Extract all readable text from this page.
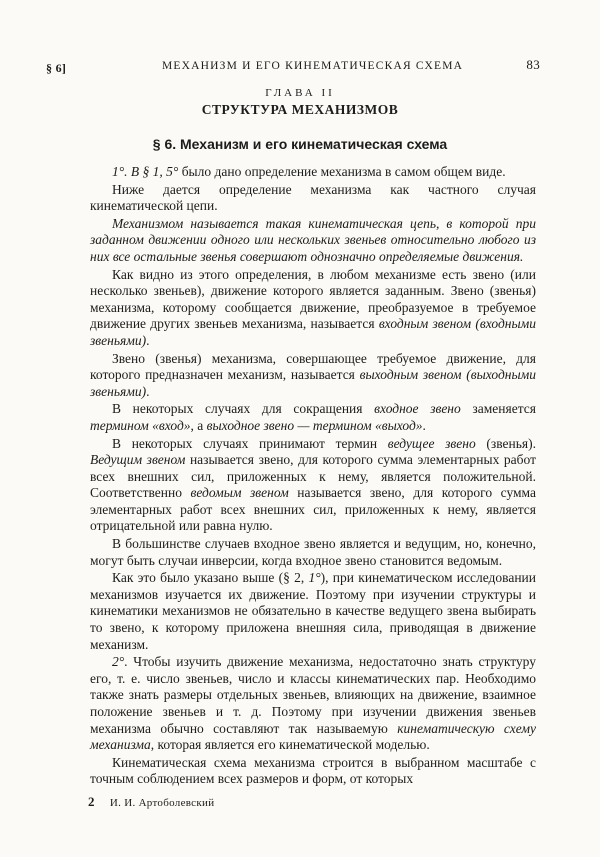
§ 6]	МЕХАНИЗМ И ЕГО КИНЕМАТИЧЕСКАЯ СХЕМА	83
ГЛАВА II
СТРУКТУРА МЕХАНИЗМОВ
§ 6. Механизм и его кинематическая схема

1°. В § 1, 5° было дано определение механизма в самом общем виде.

Ниже дается определение механизма как частного случая кинематической цепи.

Механизмом называется такая кинематическая цепь, в которой при заданном движении одного или нескольких звеньев относительно любого из них все остальные звенья совершают однозначно определяемые движения.

Как видно из этого определения, в любом механизме есть звено (или несколько звеньев), движение которого является заданным. Звено (звенья) механизма, которому сообщается движение, преобразуемое в требуемое движение других звеньев механизма, называется входным звеном (входными звеньями).

Звено (звенья) механизма, совершающее требуемое движение, для которого предназначен механизм, называется выходным звеном (выходными звеньями).

В некоторых случаях для сокращения входное звено заменяется термином «вход», а выходное звено — термином «выход».

В некоторых случаях принимают термин ведущее звено (звенья). Ведущим звеном называется звено, для которого сумма элементарных работ всех внешних сил, приложенных к нему, является положительной. Соответственно ведомым звеном называется звено, для которого сумма элементарных работ всех внешних сил, приложенных к нему, является отрицательной или равна нулю.

В большинстве случаев входное звено является и ведущим, но, конечно, могут быть случаи инверсии, когда входное звено становится ведомым.

Как это было указано выше (§ 2, 1°), при кинематическом исследовании механизмов изучается их движение. Поэтому при изучении структуры и кинематики механизмов не обязательно в качестве ведущего звена выбирать то звено, к которому приложена внешняя сила, приводящая в движение механизм.

2°. Чтобы изучить движение механизма, недостаточно знать структуру его, т. е. число звеньев, число и классы кинематических пар. Необходимо также знать размеры отдельных звеньев, влияющих на движение, взаимное положение звеньев и т. д. Поэтому при изучении движения звеньев механизма обычно составляют так называемую кинематическую схему механизма, которая является его кинематической моделью.

Кинематическая схема механизма строится в выбранном масштабе с точным соблюдением всех размеров и форм, от которых

2 И. И. Артоболевский
